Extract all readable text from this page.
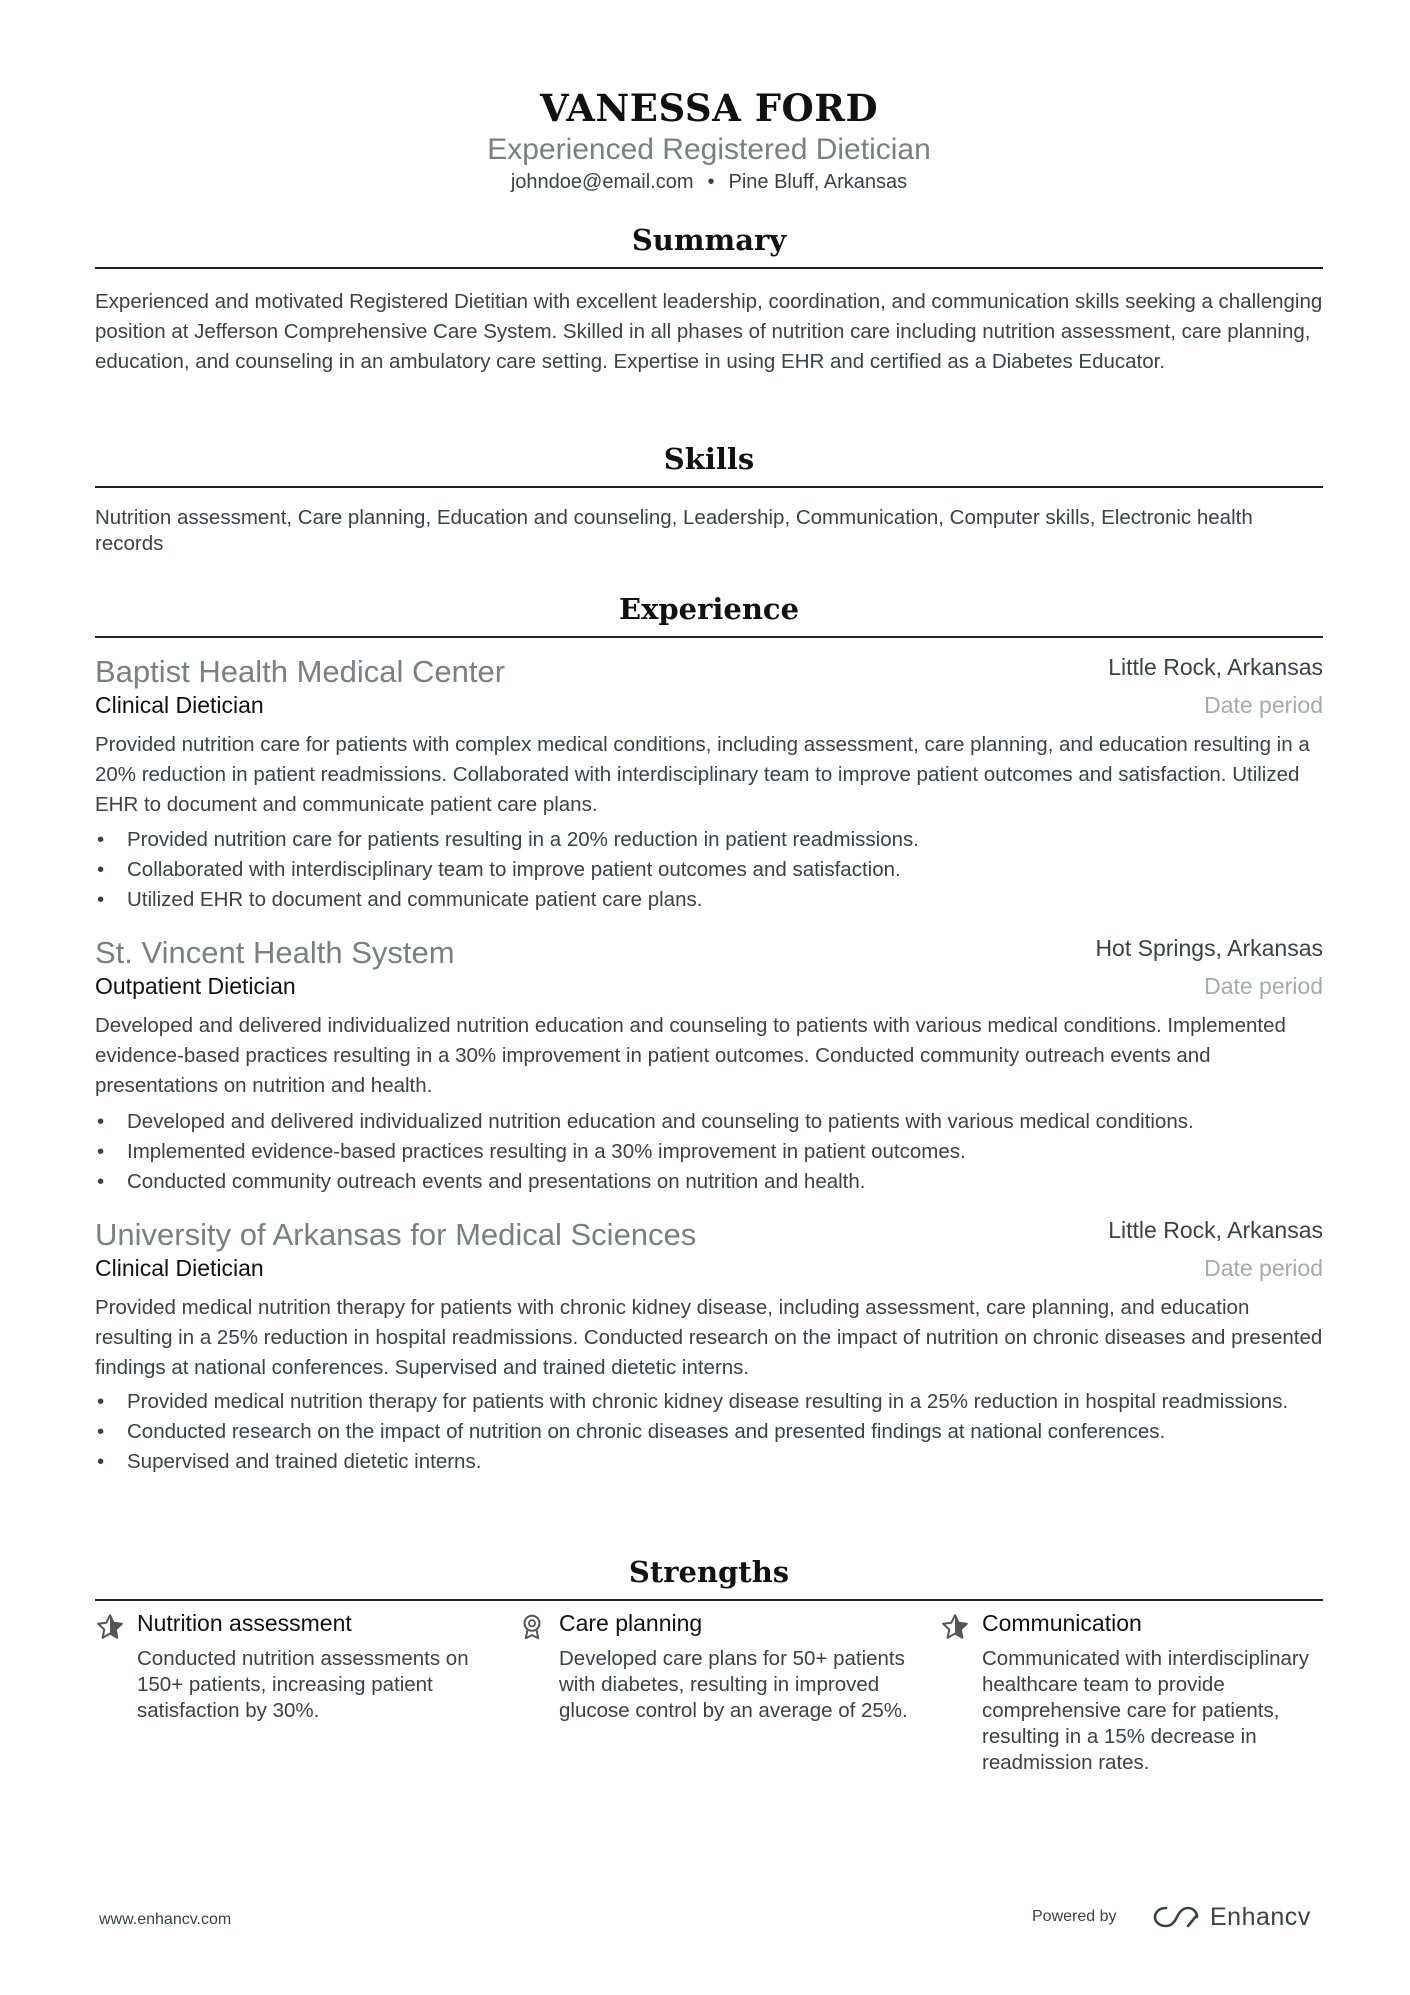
VANESSA FORD
Experienced Registered Dietician
johndoe@email.com • Pine Bluff, Arkansas
Summary
Experienced and motivated Registered Dietitian with excellent leadership, coordination, and communication skills seeking a challenging position at Jefferson Comprehensive Care System. Skilled in all phases of nutrition care including nutrition assessment, care planning, education, and counseling in an ambulatory care setting. Expertise in using EHR and certified as a Diabetes Educator.
Skills
Nutrition assessment, Care planning, Education and counseling, Leadership, Communication, Computer skills, Electronic health records
Experience
Baptist Health Medical Center	Little Rock, Arkansas
Clinical Dietician	Date period
Provided nutrition care for patients with complex medical conditions, including assessment, care planning, and education resulting in a 20% reduction in patient readmissions. Collaborated with interdisciplinary team to improve patient outcomes and satisfaction. Utilized EHR to document and communicate patient care plans.
• Provided nutrition care for patients resulting in a 20% reduction in patient readmissions.
• Collaborated with interdisciplinary team to improve patient outcomes and satisfaction.
• Utilized EHR to document and communicate patient care plans.
St. Vincent Health System	Hot Springs, Arkansas
Outpatient Dietician	Date period
Developed and delivered individualized nutrition education and counseling to patients with various medical conditions. Implemented evidence-based practices resulting in a 30% improvement in patient outcomes. Conducted community outreach events and presentations on nutrition and health.
• Developed and delivered individualized nutrition education and counseling to patients with various medical conditions.
• Implemented evidence-based practices resulting in a 30% improvement in patient outcomes.
• Conducted community outreach events and presentations on nutrition and health.
University of Arkansas for Medical Sciences	Little Rock, Arkansas
Clinical Dietician	Date period
Provided medical nutrition therapy for patients with chronic kidney disease, including assessment, care planning, and education resulting in a 25% reduction in hospital readmissions. Conducted research on the impact of nutrition on chronic diseases and presented findings at national conferences. Supervised and trained dietetic interns.
• Provided medical nutrition therapy for patients with chronic kidney disease resulting in a 25% reduction in hospital readmissions.
• Conducted research on the impact of nutrition on chronic diseases and presented findings at national conferences.
• Supervised and trained dietetic interns.
Strengths
Nutrition assessment
Conducted nutrition assessments on 150+ patients, increasing patient satisfaction by 30%.
Care planning
Developed care plans for 50+ patients with diabetes, resulting in improved glucose control by an average of 25%.
Communication
Communicated with interdisciplinary healthcare team to provide comprehensive care for patients, resulting in a 15% decrease in readmission rates.
www.enhancv.com	Powered by	Enhancv
